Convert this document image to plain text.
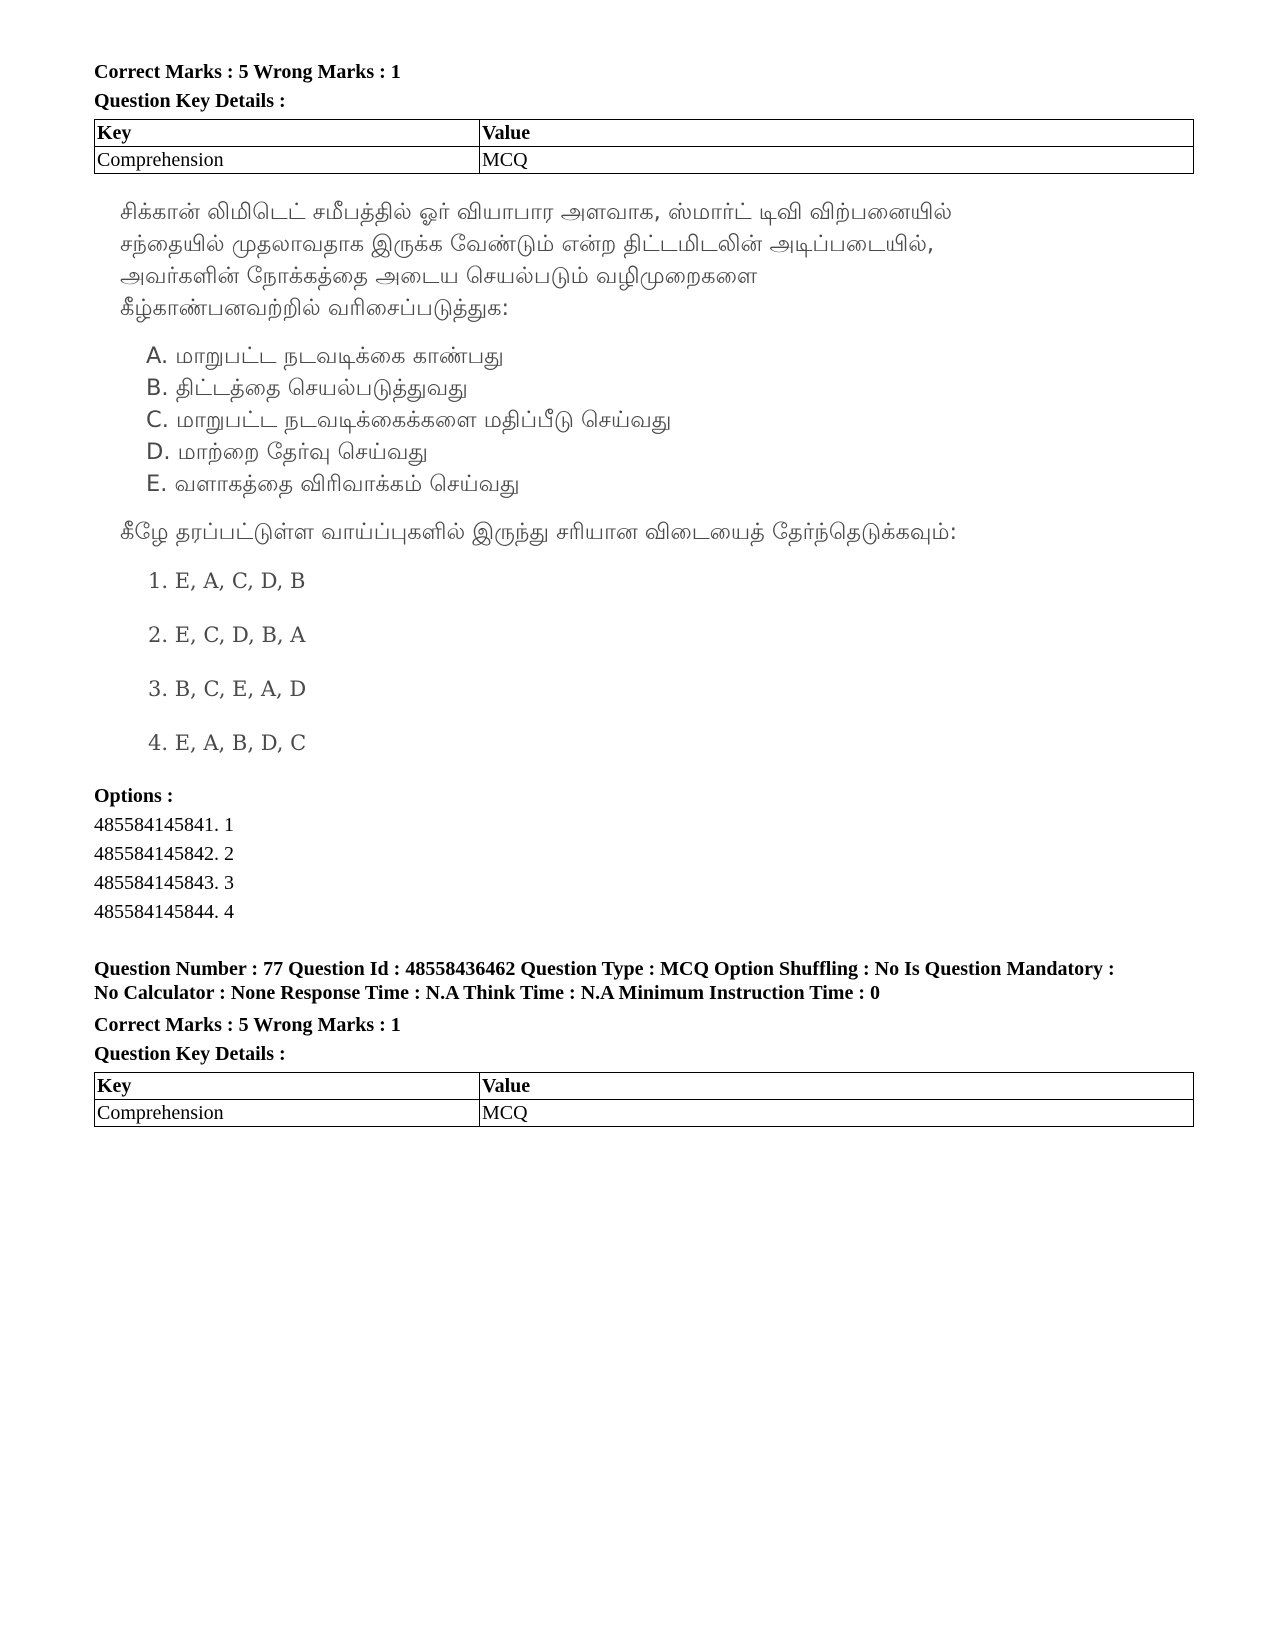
Correct Marks : 5 Wrong Marks : 1

Question Key Details :

Key	Value
Comprehension	MCQ

சிக்கான் லிமிடெட் சமீபத்தில் ஓர் வியாபார அளவாக, ஸ்மார்ட் டிவி விற்பனையில்

சந்தையில் முதலாவதாக இருக்க வேண்டும் என்ற திட்டமிடலின் அடிப்படையில்,

அவர்களின் நோக்கத்தை அடைய செயல்படும் வழிமுறைகளை

கீழ்காண்பனவற்றில் வரிசைப்படுத்துக:

A. மாறுபட்ட நடவடிக்கை காண்பது
B. திட்டத்தை செயல்படுத்துவது
C. மாறுபட்ட நடவடிக்கைக்களை மதிப்பீடு செய்வது
D. மாற்றை தேர்வு செய்வது
E. வளாகத்தை விரிவாக்கம் செய்வது
கீழே தரப்பட்டுள்ள வாய்ப்புகளில் இருந்து சரியான விடையைத் தேர்ந்தெடுக்கவும்:
1. E, A, C, D, B
2. E, C, D, B, A
3. B, C, E, A, D
4. E, A, B, D, C
Options :
485584145841. 1
485584145842. 2
485584145843. 3
485584145844. 4
Question Number : 77 Question Id : 48558436462 Question Type : MCQ Option Shuffling : No Is Question Mandatory :
No Calculator : None Response Time : N.A Think Time : N.A Minimum Instruction Time : 0

Correct Marks : 5 Wrong Marks : 1

Question Key Details :

Key	Value
Comprehension	MCQ
